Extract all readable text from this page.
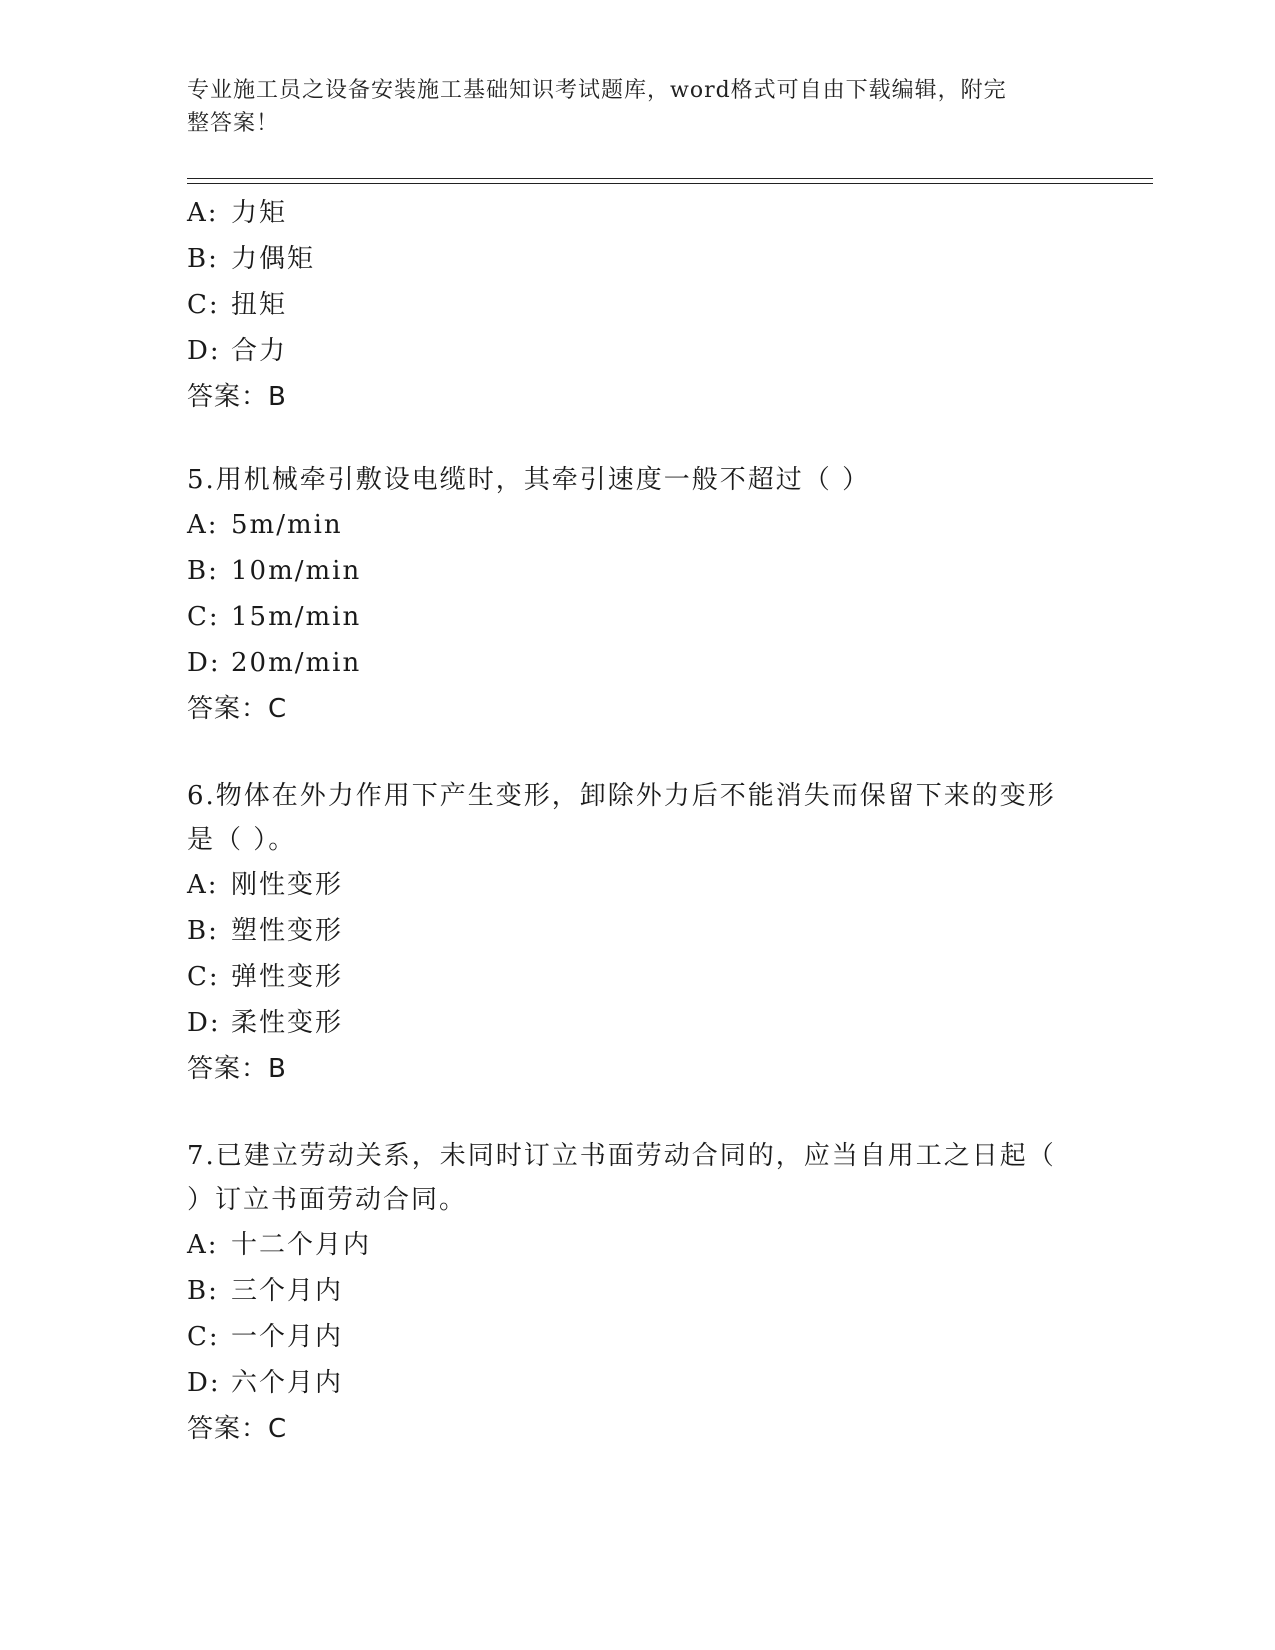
专业施工员之设备安装施工基础知识考试题库，word格式可自由下载编辑，附完
整答案！
A: 力矩
B: 力偶矩
C: 扭矩
D: 合力
答案：B
5.用机械牵引敷设电缆时，其牵引速度一般不超过（ ）
A: 5m/min
B: 10m/min
C: 15m/min
D: 20m/min
答案：C
6.物体在外力作用下产生变形，卸除外力后不能消失而保留下来的变形是（ ）。
A: 刚性变形
B: 塑性变形
C: 弹性变形
D: 柔性变形
答案：B
7.已建立劳动关系，未同时订立书面劳动合同的，应当自用工之日起（ ）订立书面劳动合同。
A: 十二个月内
B: 三个月内
C: 一个月内
D: 六个月内
答案：C
